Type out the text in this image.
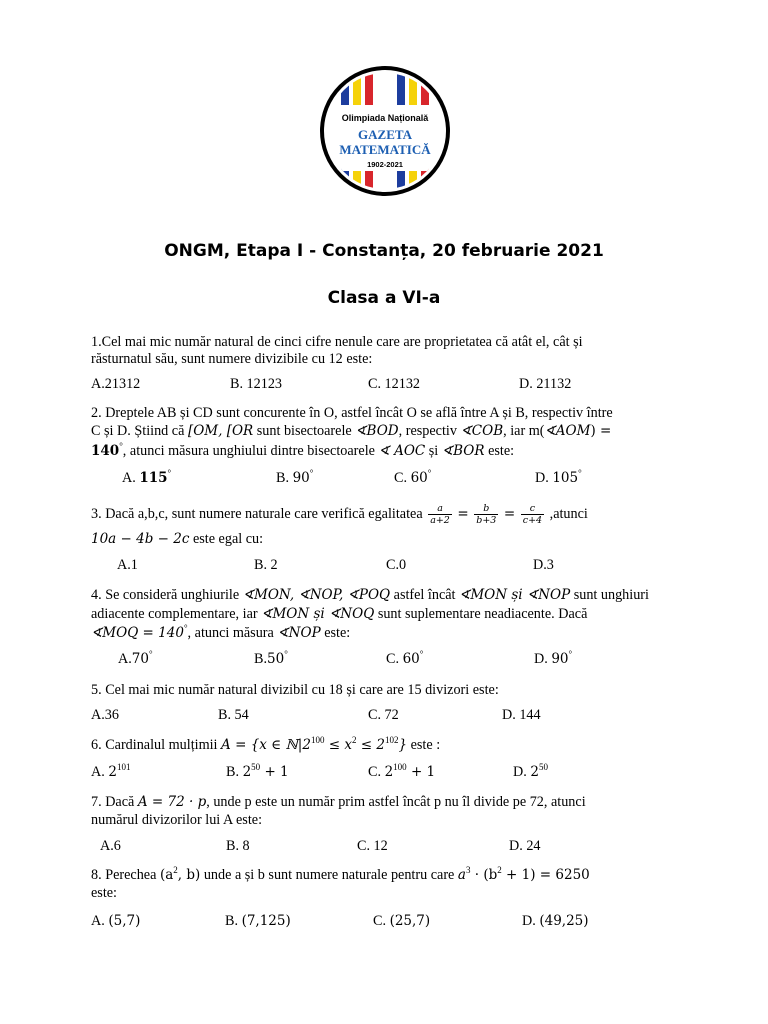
Olimpiada Națională
GAZETA
MATEMATICĂ
1902-2021
ONGM, Etapa I - Constanța, 20 februarie 2021
Clasa a VI-a
1.Cel mai mic număr natural de cinci cifre nenule care are proprietatea că atât el, cât și
răsturnatul său, sunt numere divizibile cu 12 este:
A.21312	B. 12123	C. 12132	D. 21132
2. Dreptele AB și CD sunt concurente în O, astfel încât O se află între A și B, respectiv între
C și D. Știind că [OM, [OR sunt bisectoarele ∢BOD, respectiv ∢COB, iar m(∢AOM) =
140°, atunci măsura unghiului dintre bisectoarele ∢ AOC și ∢BOR este:
A. 115°	B. 90°	C. 60°	D. 105°
3. Dacă a,b,c, sunt numere naturale care verifică egalitatea $\frac{a}{a+2} = \frac{b}{b+3} = \frac{c}{c+4}$ ,atunci
10a − 4b − 2c este egal cu:
A.1	B. 2	C.0	D.3
4. Se consideră unghiurile ∢MON, ∢NOP, ∢POQ astfel încât ∢MON și ∢NOP sunt unghiuri
adiacente complementare, iar ∢MON și ∢NOQ sunt suplementare neadiacente. Dacă
∢MOQ = 140°, atunci măsura ∢NOP este:
A.70°	B.50°	C. 60°	D. 90°
5. Cel mai mic număr natural divizibil cu 18 și care are 15 divizori este:
A.36	B. 54	C. 72	D. 144
6. Cardinalul mulțimii A = {x ∈ $ℕ|2^{100} \le x^2 \le 2^{102}$} este :
A. $2^{101}$	B. $2^{50} + 1$	C. $2^{100} + 1$	D. $2^{50}$
7. Dacă A = 72 · p, unde p este un număr prim astfel încât p nu îl divide pe 72, atunci
numărul divizorilor lui A este:
A.6	B. 8	C. 12	D. 24
8. Perechea ($a^2$, b) unde a și b sunt numere naturale pentru care $a^3 \cdot (b^2 + 1) = 6250$
este:
A. (5,7)	B. (7,125)	C. (25,7)	D. (49,25)
